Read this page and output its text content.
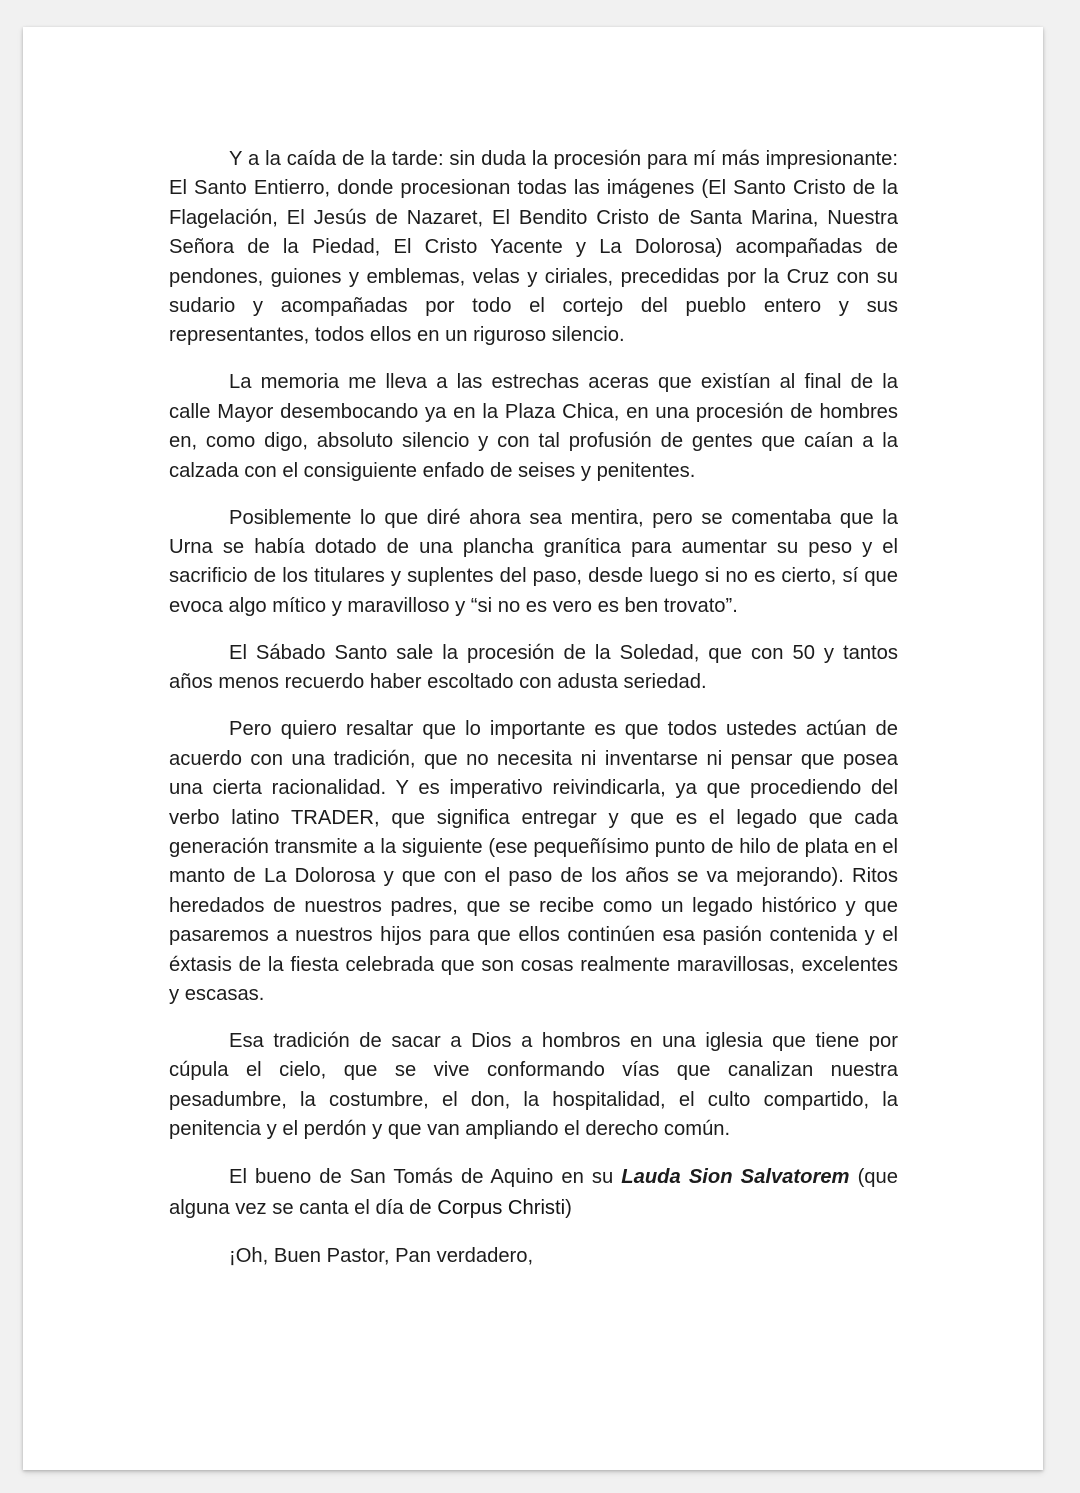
Y a la caída de la tarde: sin duda la procesión para mí más impresionante: El Santo Entierro, donde procesionan todas las imágenes (El Santo Cristo de la Flagelación, El Jesús de Nazaret, El Bendito Cristo de Santa Marina, Nuestra Señora de la Piedad, El Cristo Yacente y La Dolorosa) acompañadas de pendones, guiones y emblemas, velas y ciriales, precedidas por la Cruz con su sudario y acompañadas por todo el cortejo del pueblo entero y sus representantes, todos ellos en un riguroso silencio.

La memoria me lleva a las estrechas aceras que existían al final de la calle Mayor desembocando ya en la Plaza Chica, en una procesión de hombres en, como digo, absoluto silencio y con tal profusión de gentes que caían a la calzada con el consiguiente enfado de seises y penitentes.

Posiblemente lo que diré ahora sea mentira, pero se comentaba que la Urna se había dotado de una plancha granítica para aumentar su peso y el sacrificio de los titulares y suplentes del paso, desde luego si no es cierto, sí que evoca algo mítico y maravilloso y “si no es vero es ben trovato”.

El Sábado Santo sale la procesión de la Soledad, que con 50 y tantos años menos recuerdo haber escoltado con adusta seriedad.

Pero quiero resaltar que lo importante es que todos ustedes actúan de acuerdo con una tradición, que no necesita ni inventarse ni pensar que posea una cierta racionalidad. Y es imperativo reivindicarla, ya que procediendo del verbo latino TRADER, que significa entregar y que es el legado que cada generación transmite a la siguiente (ese pequeñísimo punto de hilo de plata en el manto de La Dolorosa y que con el paso de los años se va mejorando). Ritos heredados de nuestros padres, que se recibe como un legado histórico y que pasaremos a nuestros hijos para que ellos continúen esa pasión contenida y el éxtasis de la fiesta celebrada que son cosas realmente maravillosas, excelentes y escasas.

Esa tradición de sacar a Dios a hombros en una iglesia que tiene por cúpula el cielo, que se vive conformando vías que canalizan nuestra pesadumbre, la costumbre, el don, la hospitalidad, el culto compartido, la penitencia y el perdón y que van ampliando el derecho común.

El bueno de San Tomás de Aquino en su Lauda Sion Salvatorem (que alguna vez se canta el día de Corpus Christi)

¡Oh, Buen Pastor, Pan verdadero,
